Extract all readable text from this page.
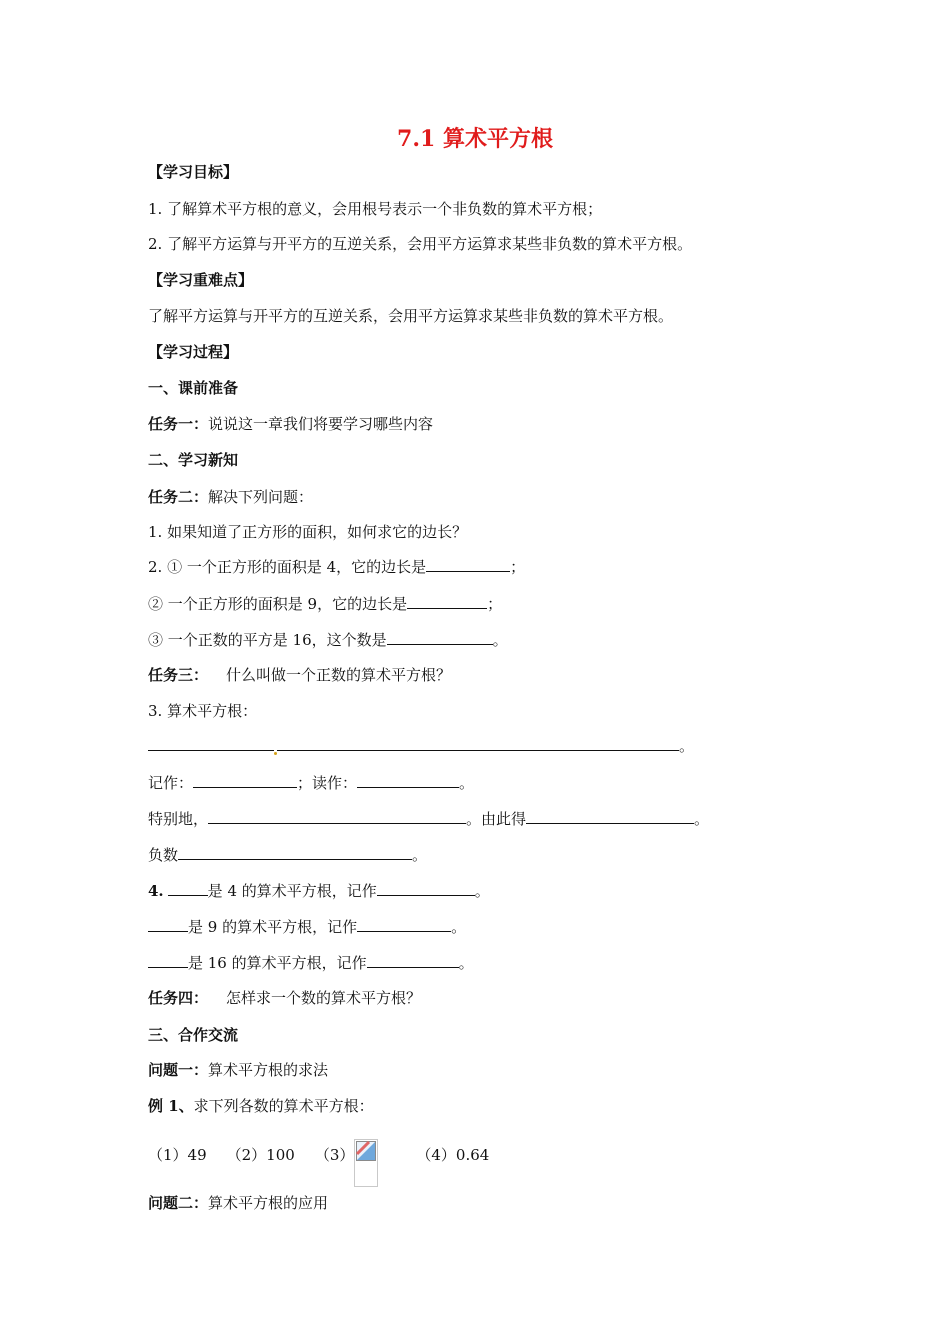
7.1 算术平方根
【学习目标】
1. 了解算术平方根的意义，会用根号表示一个非负数的算术平方根；
2. 了解平方运算与开平方的互逆关系，会用平方运算求某些非负数的算术平方根。
【学习重难点】
了解平方运算与开平方的互逆关系，会用平方运算求某些非负数的算术平方根。
【学习过程】
一、课前准备
任务一：说说这一章我们将要学习哪些内容
二、学习新知
任务二：解决下列问题：
1. 如果知道了正方形的面积，如何求它的边长？
2. ① 一个正方形的面积是 4，它的边长是	；
② 一个正方形的面积是 9，它的边长是	；
③ 一个正数的平方是 16，这个数是	。
任务三： 什么叫做一个正数的算术平方根？
3. 算术平方根：
。
记作：	；读作：	。
特别地，	。由此得	。
负数	。
4.	是 4 的算术平方根，记作	。
是 9 的算术平方根，记作	。
是 16 的算术平方根，记作	。
任务四： 怎样求一个数的算术平方根？
三、合作交流
问题一：算术平方根的求法
例 1、求下列各数的算术平方根：
（1）49 （2）100 （3）	（4）0.64
问题二：算术平方根的应用
